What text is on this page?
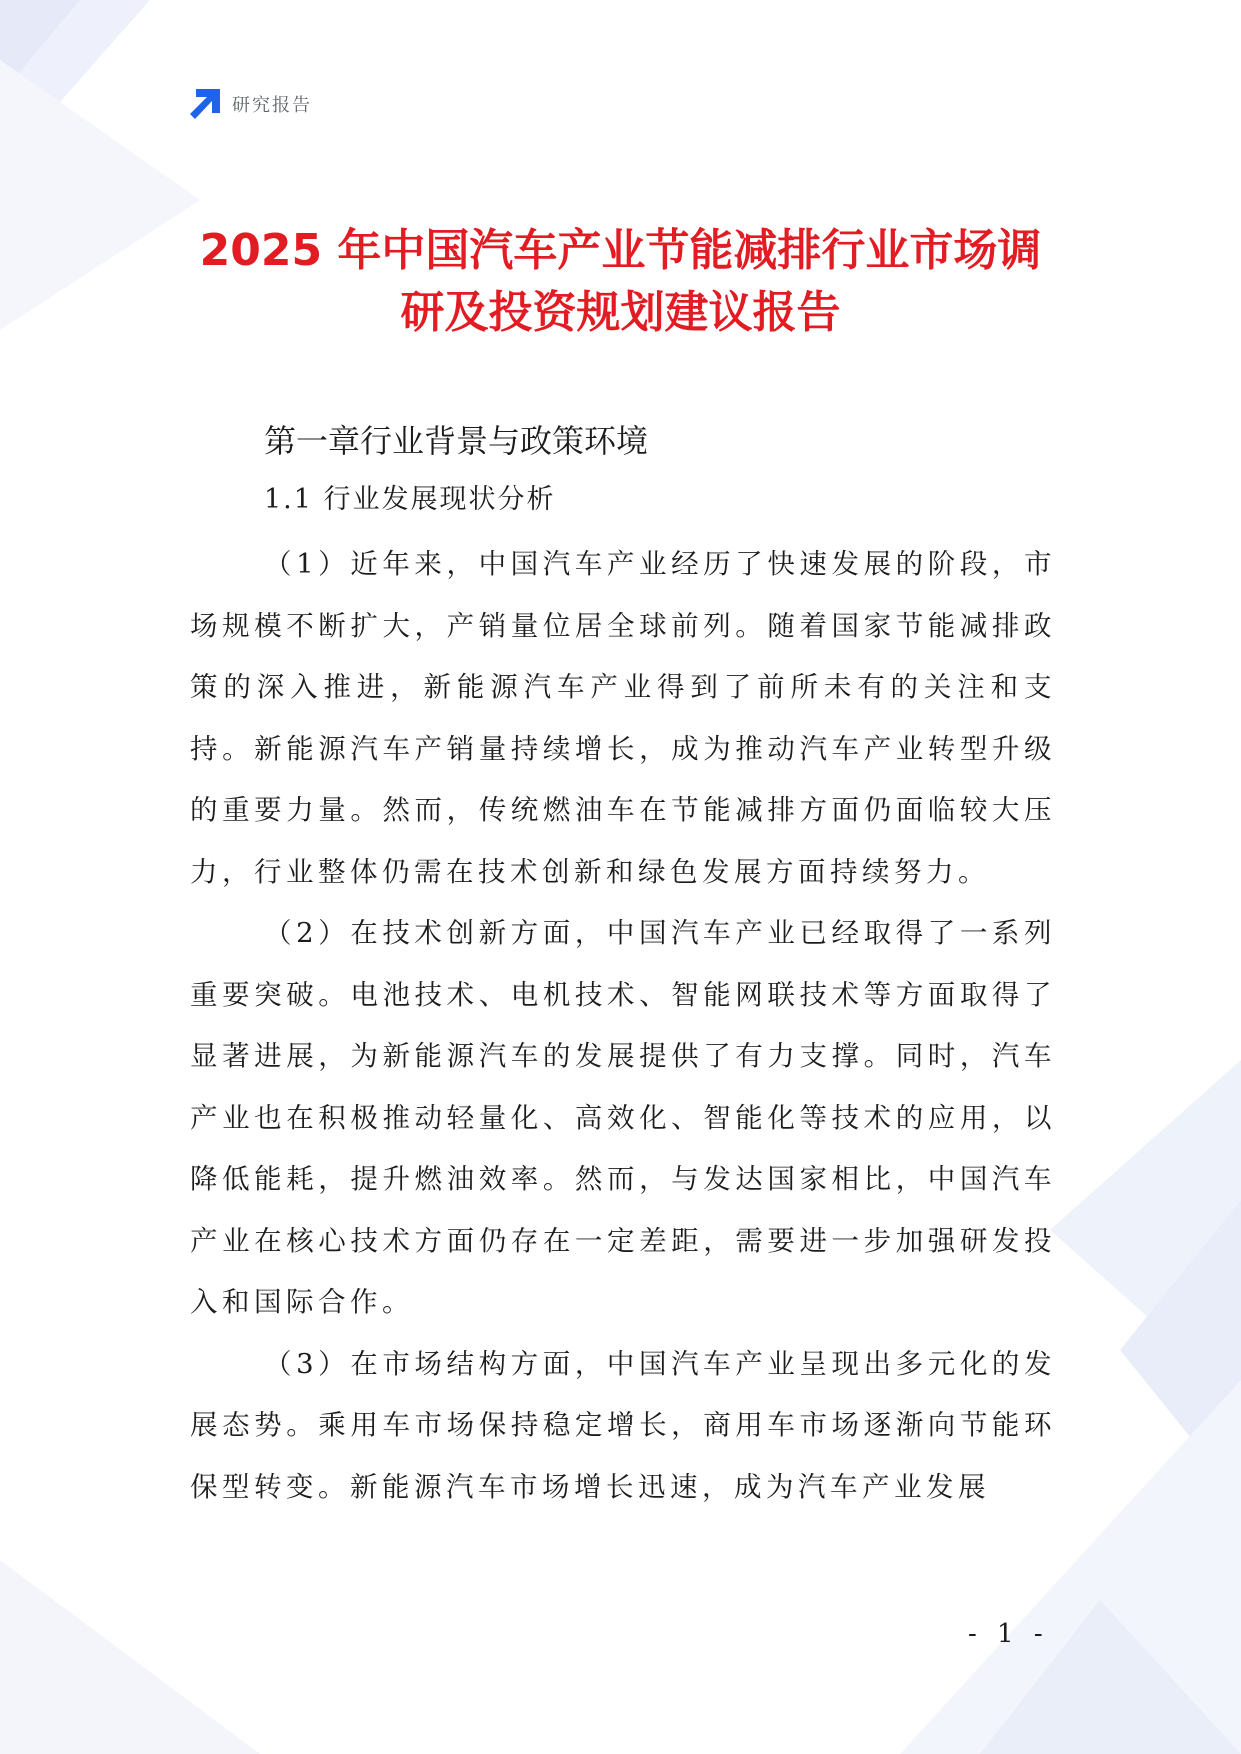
研究报告
2025 年中国汽车产业节能减排行业市场调
研及投资规划建议报告
第一章行业背景与政策环境
1.1 行业发展现状分析

（1）近年来，中国汽车产业经历了快速发展的阶段，市场规模不断扩大，产销量位居全球前列。随着国家节能减排政策的深入推进，新能源汽车产业得到了前所未有的关注和支持。新能源汽车产销量持续增长，成为推动汽车产业转型升级的重要力量。然而，传统燃油车在节能减排方面仍面临较大压力，行业整体仍需在技术创新和绿色发展方面持续努力。

（2）在技术创新方面，中国汽车产业已经取得了一系列重要突破。电池技术、电机技术、智能网联技术等方面取得了显著进展，为新能源汽车的发展提供了有力支撑。同时，汽车产业也在积极推动轻量化、高效化、智能化等技术的应用，以降低能耗，提升燃油效率。然而，与发达国家相比，中国汽车产业在核心技术方面仍存在一定差距，需要进一步加强研发投入和国际合作。

（3）在市场结构方面，中国汽车产业呈现出多元化的发展态势。乘用车市场保持稳定增长，商用车市场逐渐向节能环保型转变。新能源汽车市场增长迅速，成为汽车产业发展

- 1 -
